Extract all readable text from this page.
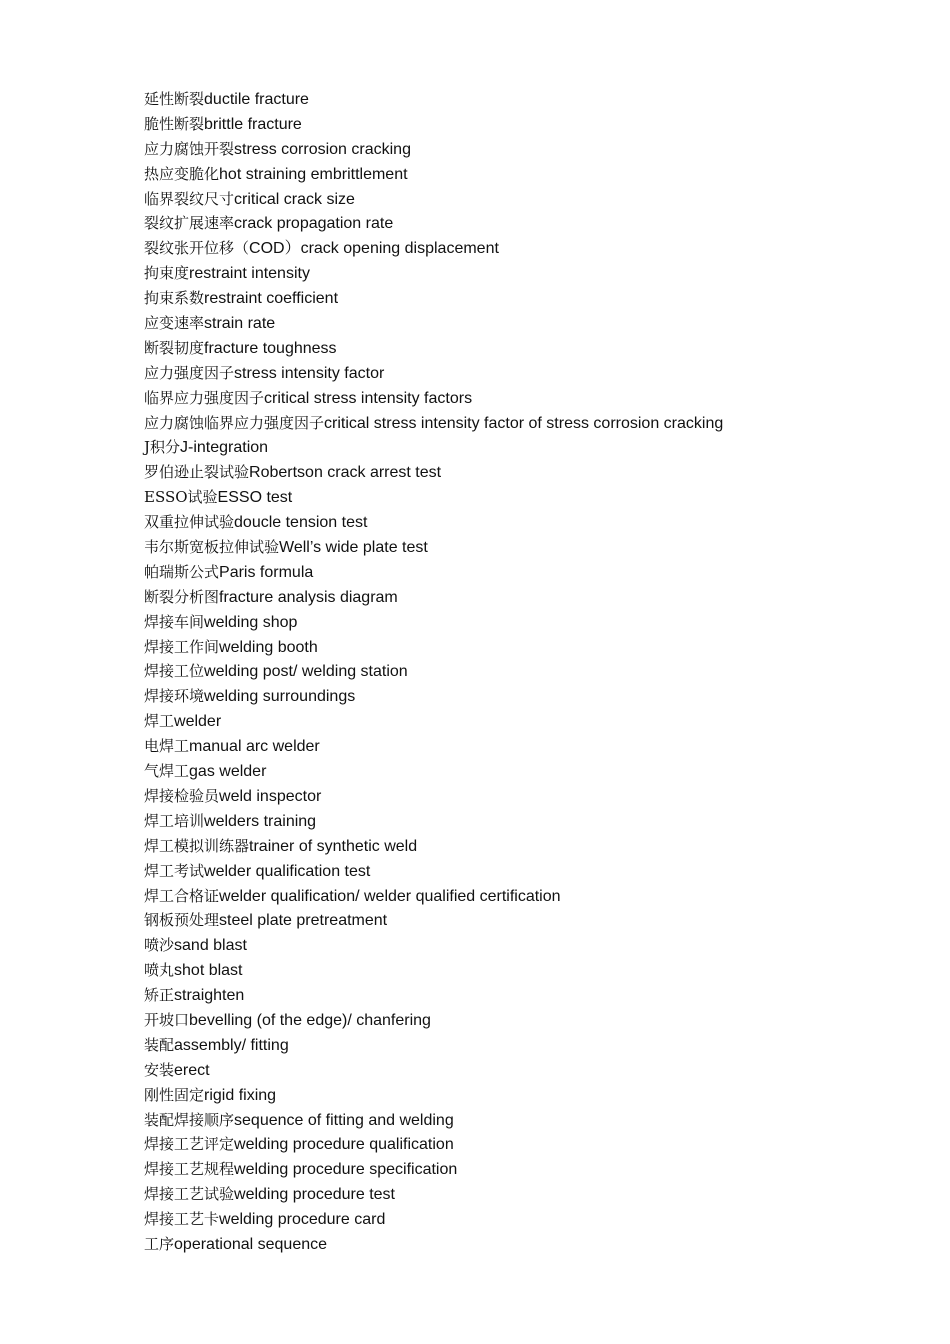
延性断裂ductile fracture
脆性断裂brittle fracture
应力腐蚀开裂stress corrosion cracking
热应变脆化hot straining embrittlement
临界裂纹尺寸critical crack size
裂纹扩展速率crack propagation rate
裂纹张开位移（COD）crack opening displacement
拘束度restraint intensity
拘束系数restraint coefficient
应变速率strain rate
断裂韧度fracture toughness
应力强度因子stress intensity factor
临界应力强度因子critical stress intensity factors
应力腐蚀临界应力强度因子critical stress intensity factor of stress corrosion cracking
J积分J-integration
罗伯逊止裂试验Robertson crack arrest test
ESSO试验ESSO test
双重拉伸试验doucle tension test
韦尔斯宽板拉伸试验Well’s wide plate test
帕瑞斯公式Paris formula
断裂分析图fracture analysis diagram
焊接车间welding shop
焊接工作间welding booth
焊接工位welding post/ welding station
焊接环境welding surroundings
焊工welder
电焊工manual arc welder
气焊工gas welder
焊接检验员weld inspector
焊工培训welders training
焊工模拟训练器trainer of synthetic weld
焊工考试welder qualification test
焊工合格证welder qualification/ welder qualified certification
钢板预处理steel plate pretreatment
喷沙sand blast
喷丸shot blast
矫正straighten
开坡口bevelling (of the edge)/ chanfering
装配assembly/ fitting
安装erect
刚性固定rigid fixing
装配焊接顺序sequence of fitting and welding
焊接工艺评定welding procedure qualification
焊接工艺规程welding procedure specification
焊接工艺试验welding procedure test
焊接工艺卡welding procedure card
工序operational sequence
